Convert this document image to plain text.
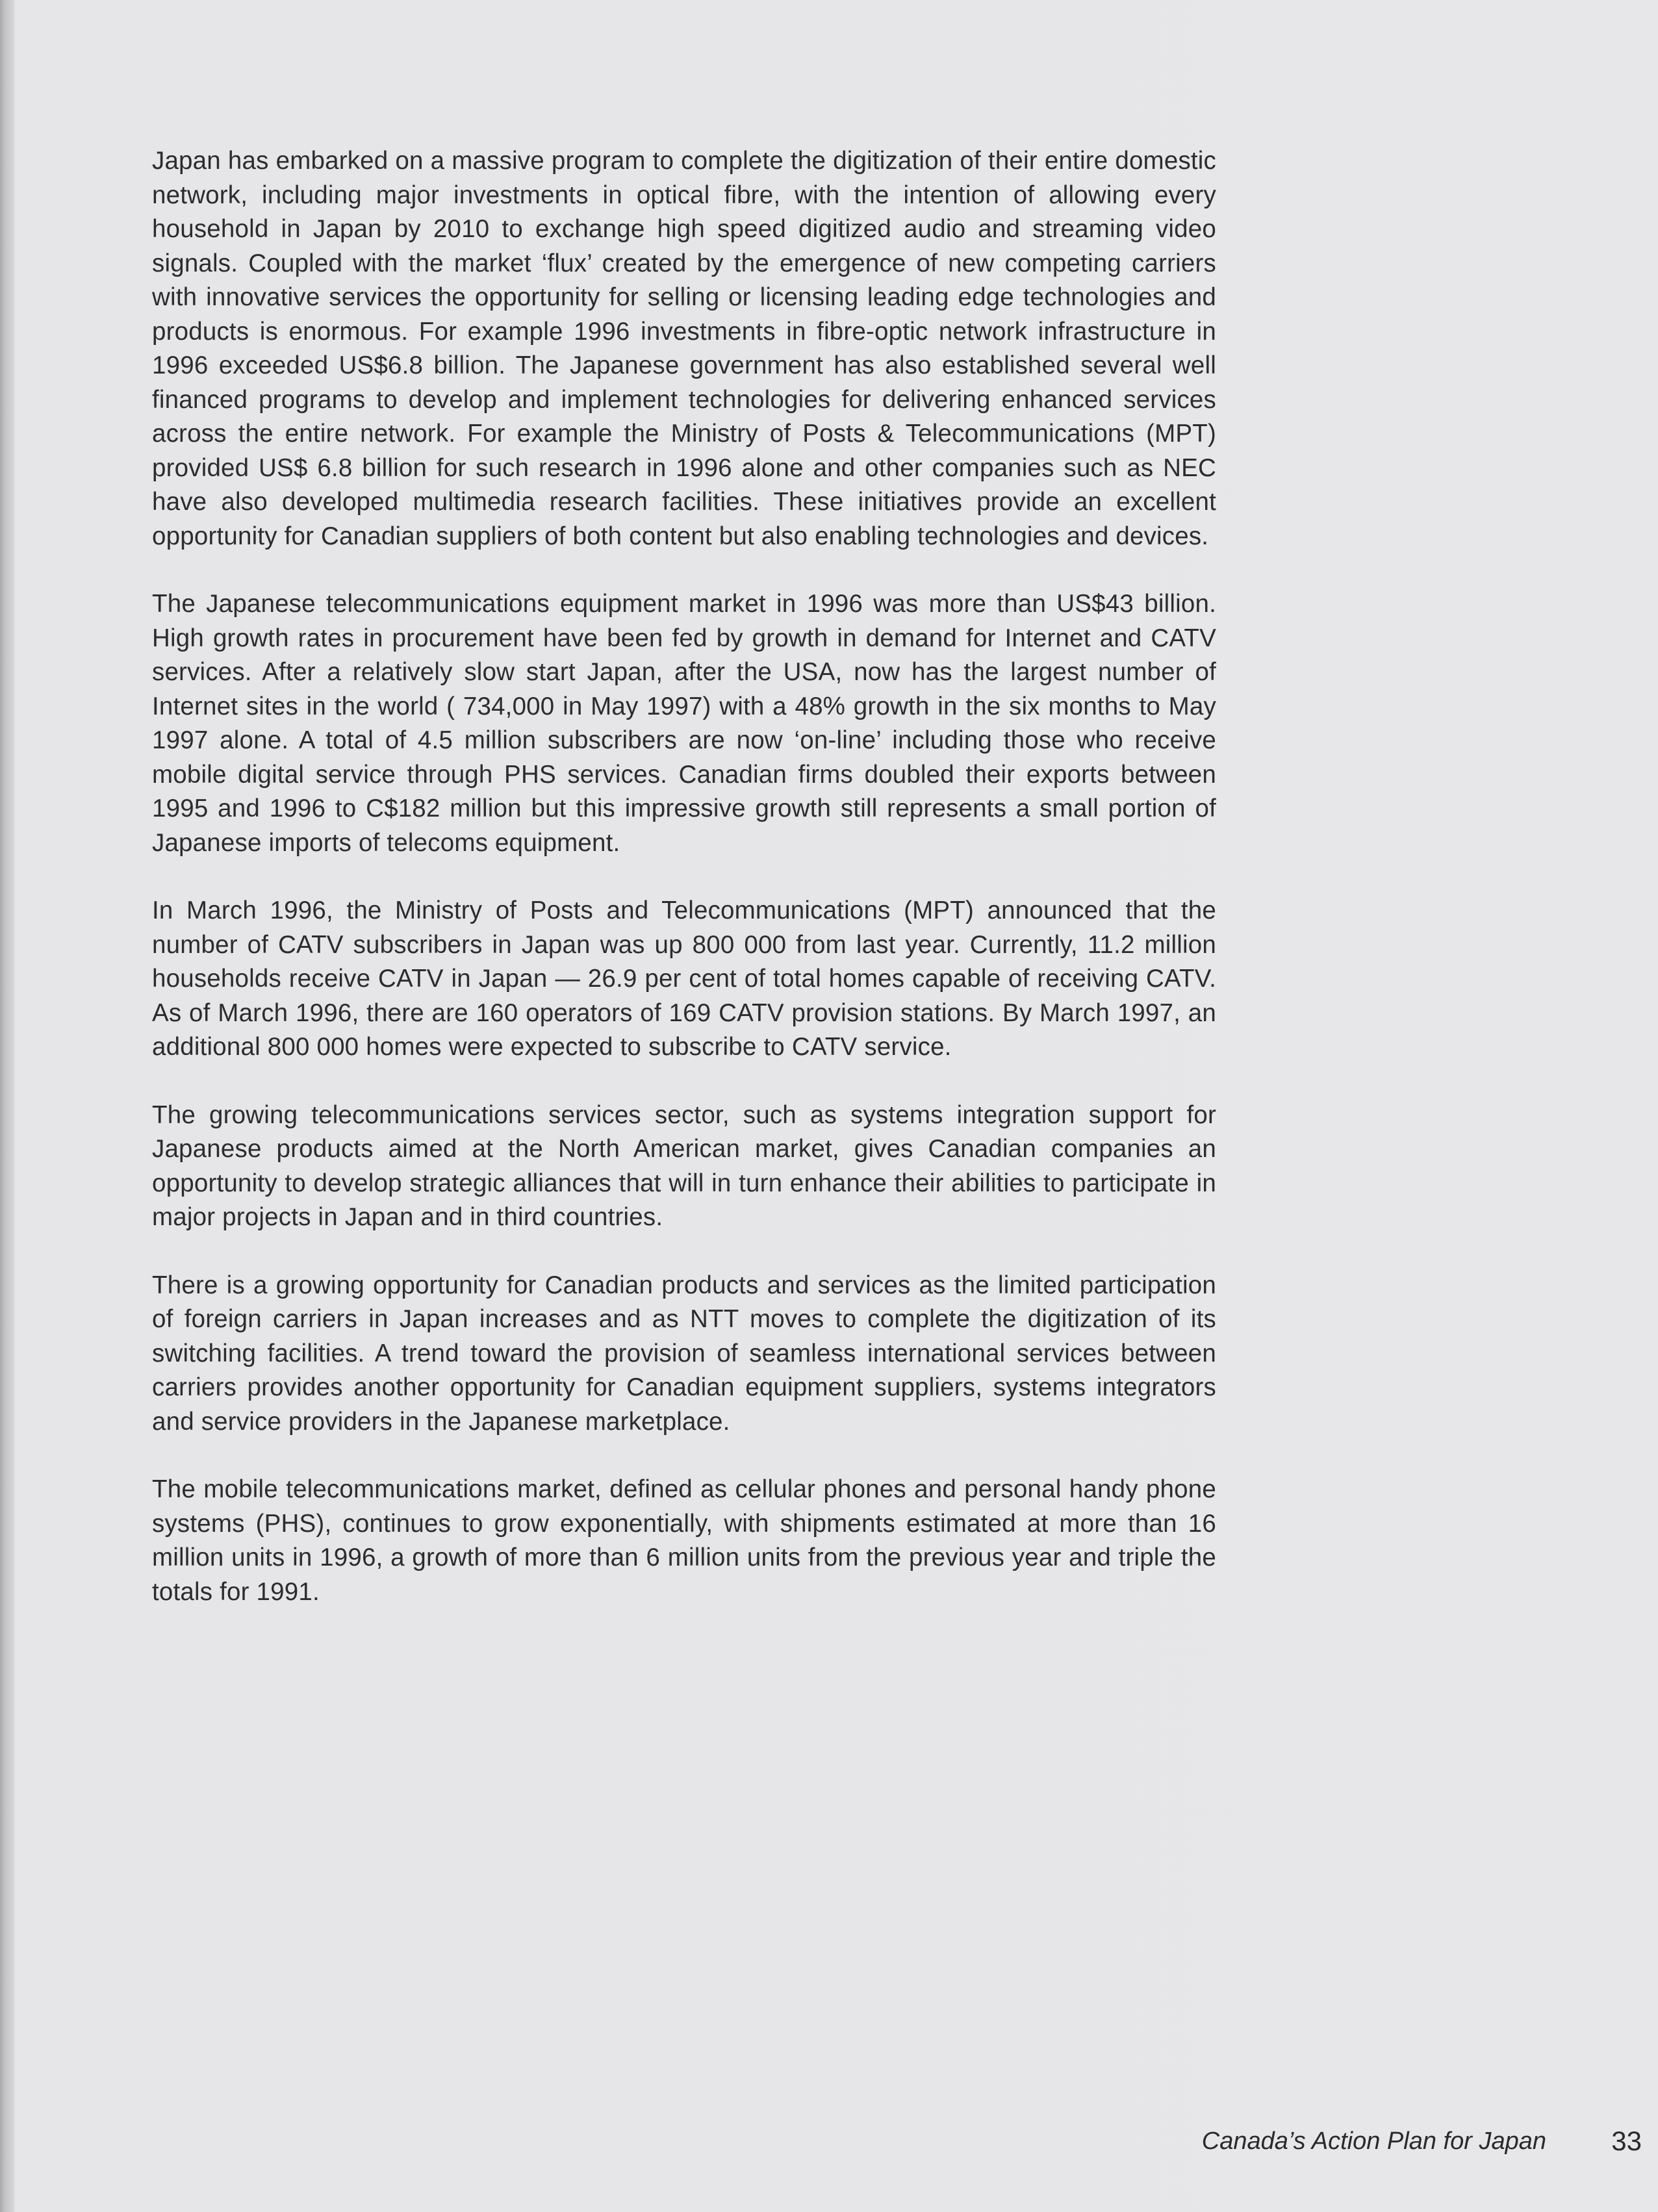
Japan has embarked on a massive program to complete the digitization of their entire domestic network, including major investments in optical fibre, with the intention of allowing every household in Japan by 2010 to exchange high speed digitized audio and streaming video signals. Coupled with the market ‘flux’ created by the emergence of new competing carriers with innovative services the opportunity for selling or licensing leading edge technologies and products is enormous. For example 1996 investments in fibre-optic network infrastructure in 1996 exceeded US$6.8 billion. The Japanese government has also established several well financed programs to develop and implement technologies for delivering enhanced services across the entire network. For example the Ministry of Posts & Telecommunications (MPT) provided US$ 6.8 billion for such research in 1996 alone and other companies such as NEC have also developed multimedia research facilities. These initiatives provide an excellent opportunity for Canadian suppliers of both content but also enabling technologies and devices.

The Japanese telecommunications equipment market in 1996 was more than US$43 billion. High growth rates in procurement have been fed by growth in demand for Internet and CATV services. After a relatively slow start Japan, after the USA, now has the largest number of Internet sites in the world ( 734,000 in May 1997) with a 48% growth in the six months to May 1997 alone. A total of 4.5 million subscribers are now ‘on-line’ including those who receive mobile digital service through PHS services. Canadian firms doubled their exports between 1995 and 1996 to C$182 million but this impressive growth still represents a small portion of Japanese imports of telecoms equipment.

In March 1996, the Ministry of Posts and Telecommunications (MPT) announced that the number of CATV subscribers in Japan was up 800 000 from last year. Currently, 11.2 million households receive CATV in Japan — 26.9 per cent of total homes capable of receiving CATV. As of March 1996, there are 160 operators of 169 CATV provision stations. By March 1997, an additional 800 000 homes were expected to subscribe to CATV service.

The growing telecommunications services sector, such as systems integration support for Japanese products aimed at the North American market, gives Canadian companies an opportunity to develop strategic alliances that will in turn enhance their abilities to participate in major projects in Japan and in third countries.

There is a growing opportunity for Canadian products and services as the limited participation of foreign carriers in Japan increases and as NTT moves to complete the digitization of its switching facilities. A trend toward the provision of seamless international services between carriers provides another opportunity for Canadian equipment suppliers, systems integrators and service providers in the Japanese marketplace.

The mobile telecommunications market, defined as cellular phones and personal handy phone systems (PHS), continues to grow exponentially, with shipments estimated at more than 16 million units in 1996, a growth of more than 6 million units from the previous year and triple the totals for 1991.

Canada’s Action Plan for Japan 33
